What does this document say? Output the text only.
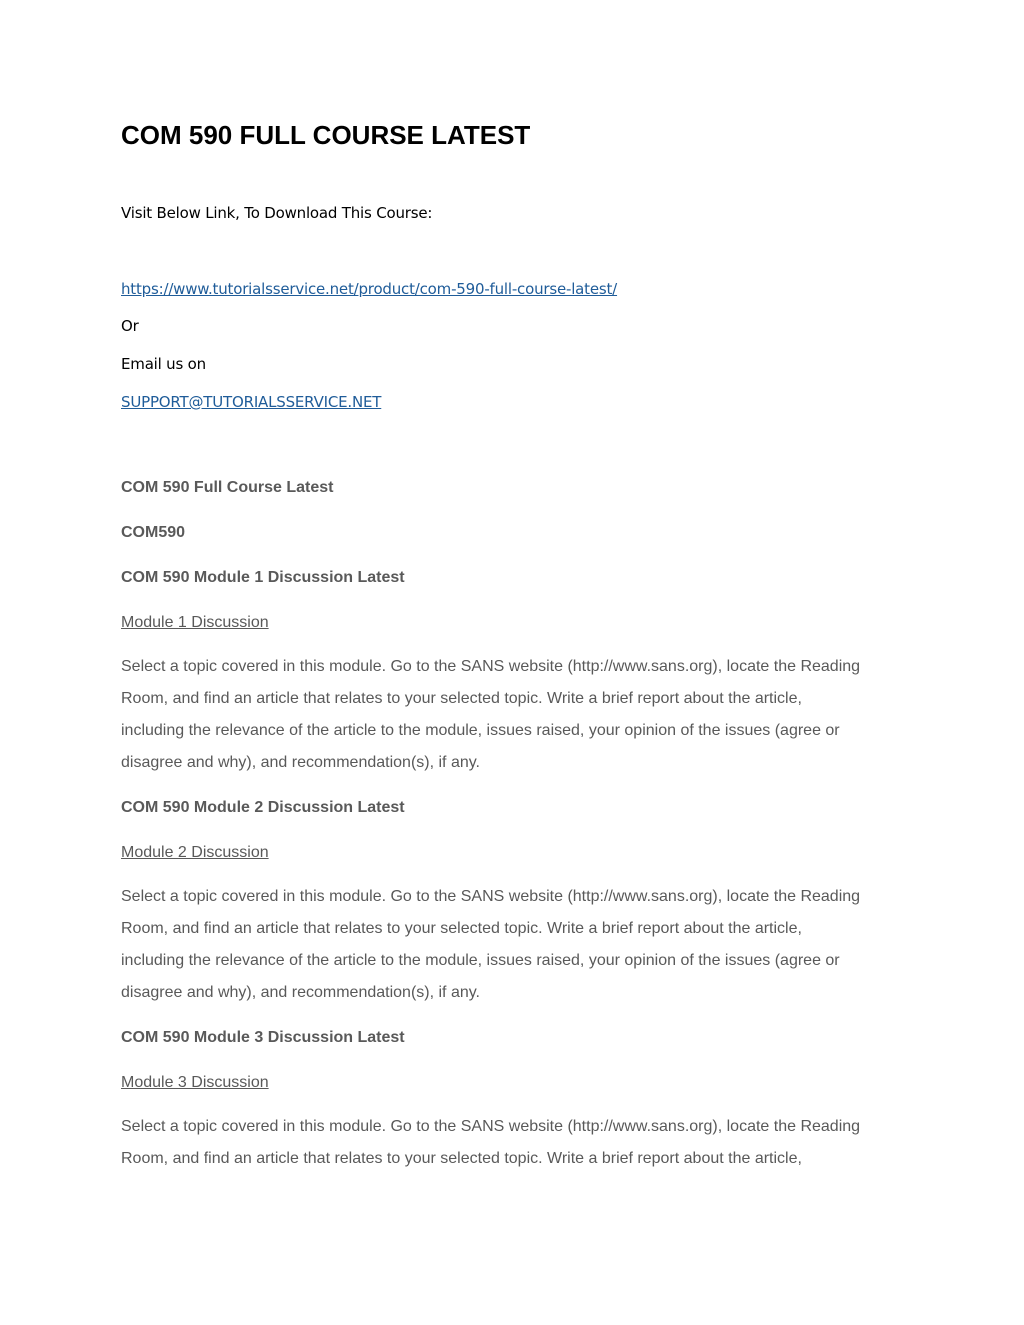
COM 590 FULL COURSE LATEST
Visit Below Link, To Download This Course:
https://www.tutorialsservice.net/product/com-590-full-course-latest/
Or
Email us on
SUPPORT@TUTORIALSSERVICE.NET
COM 590 Full Course Latest
COM590
COM 590 Module 1 Discussion Latest
Module 1 Discussion
Select a topic covered in this module. Go to the SANS website (http://www.sans.org), locate the Reading
Room, and find an article that relates to your selected topic. Write a brief report about the article,
including the relevance of the article to the module, issues raised, your opinion of the issues (agree or
disagree and why), and recommendation(s), if any.
COM 590 Module 2 Discussion Latest
Module 2 Discussion
Select a topic covered in this module. Go to the SANS website (http://www.sans.org), locate the Reading
Room, and find an article that relates to your selected topic. Write a brief report about the article,
including the relevance of the article to the module, issues raised, your opinion of the issues (agree or
disagree and why), and recommendation(s), if any.
COM 590 Module 3 Discussion Latest
Module 3 Discussion
Select a topic covered in this module. Go to the SANS website (http://www.sans.org), locate the Reading
Room, and find an article that relates to your selected topic. Write a brief report about the article,
